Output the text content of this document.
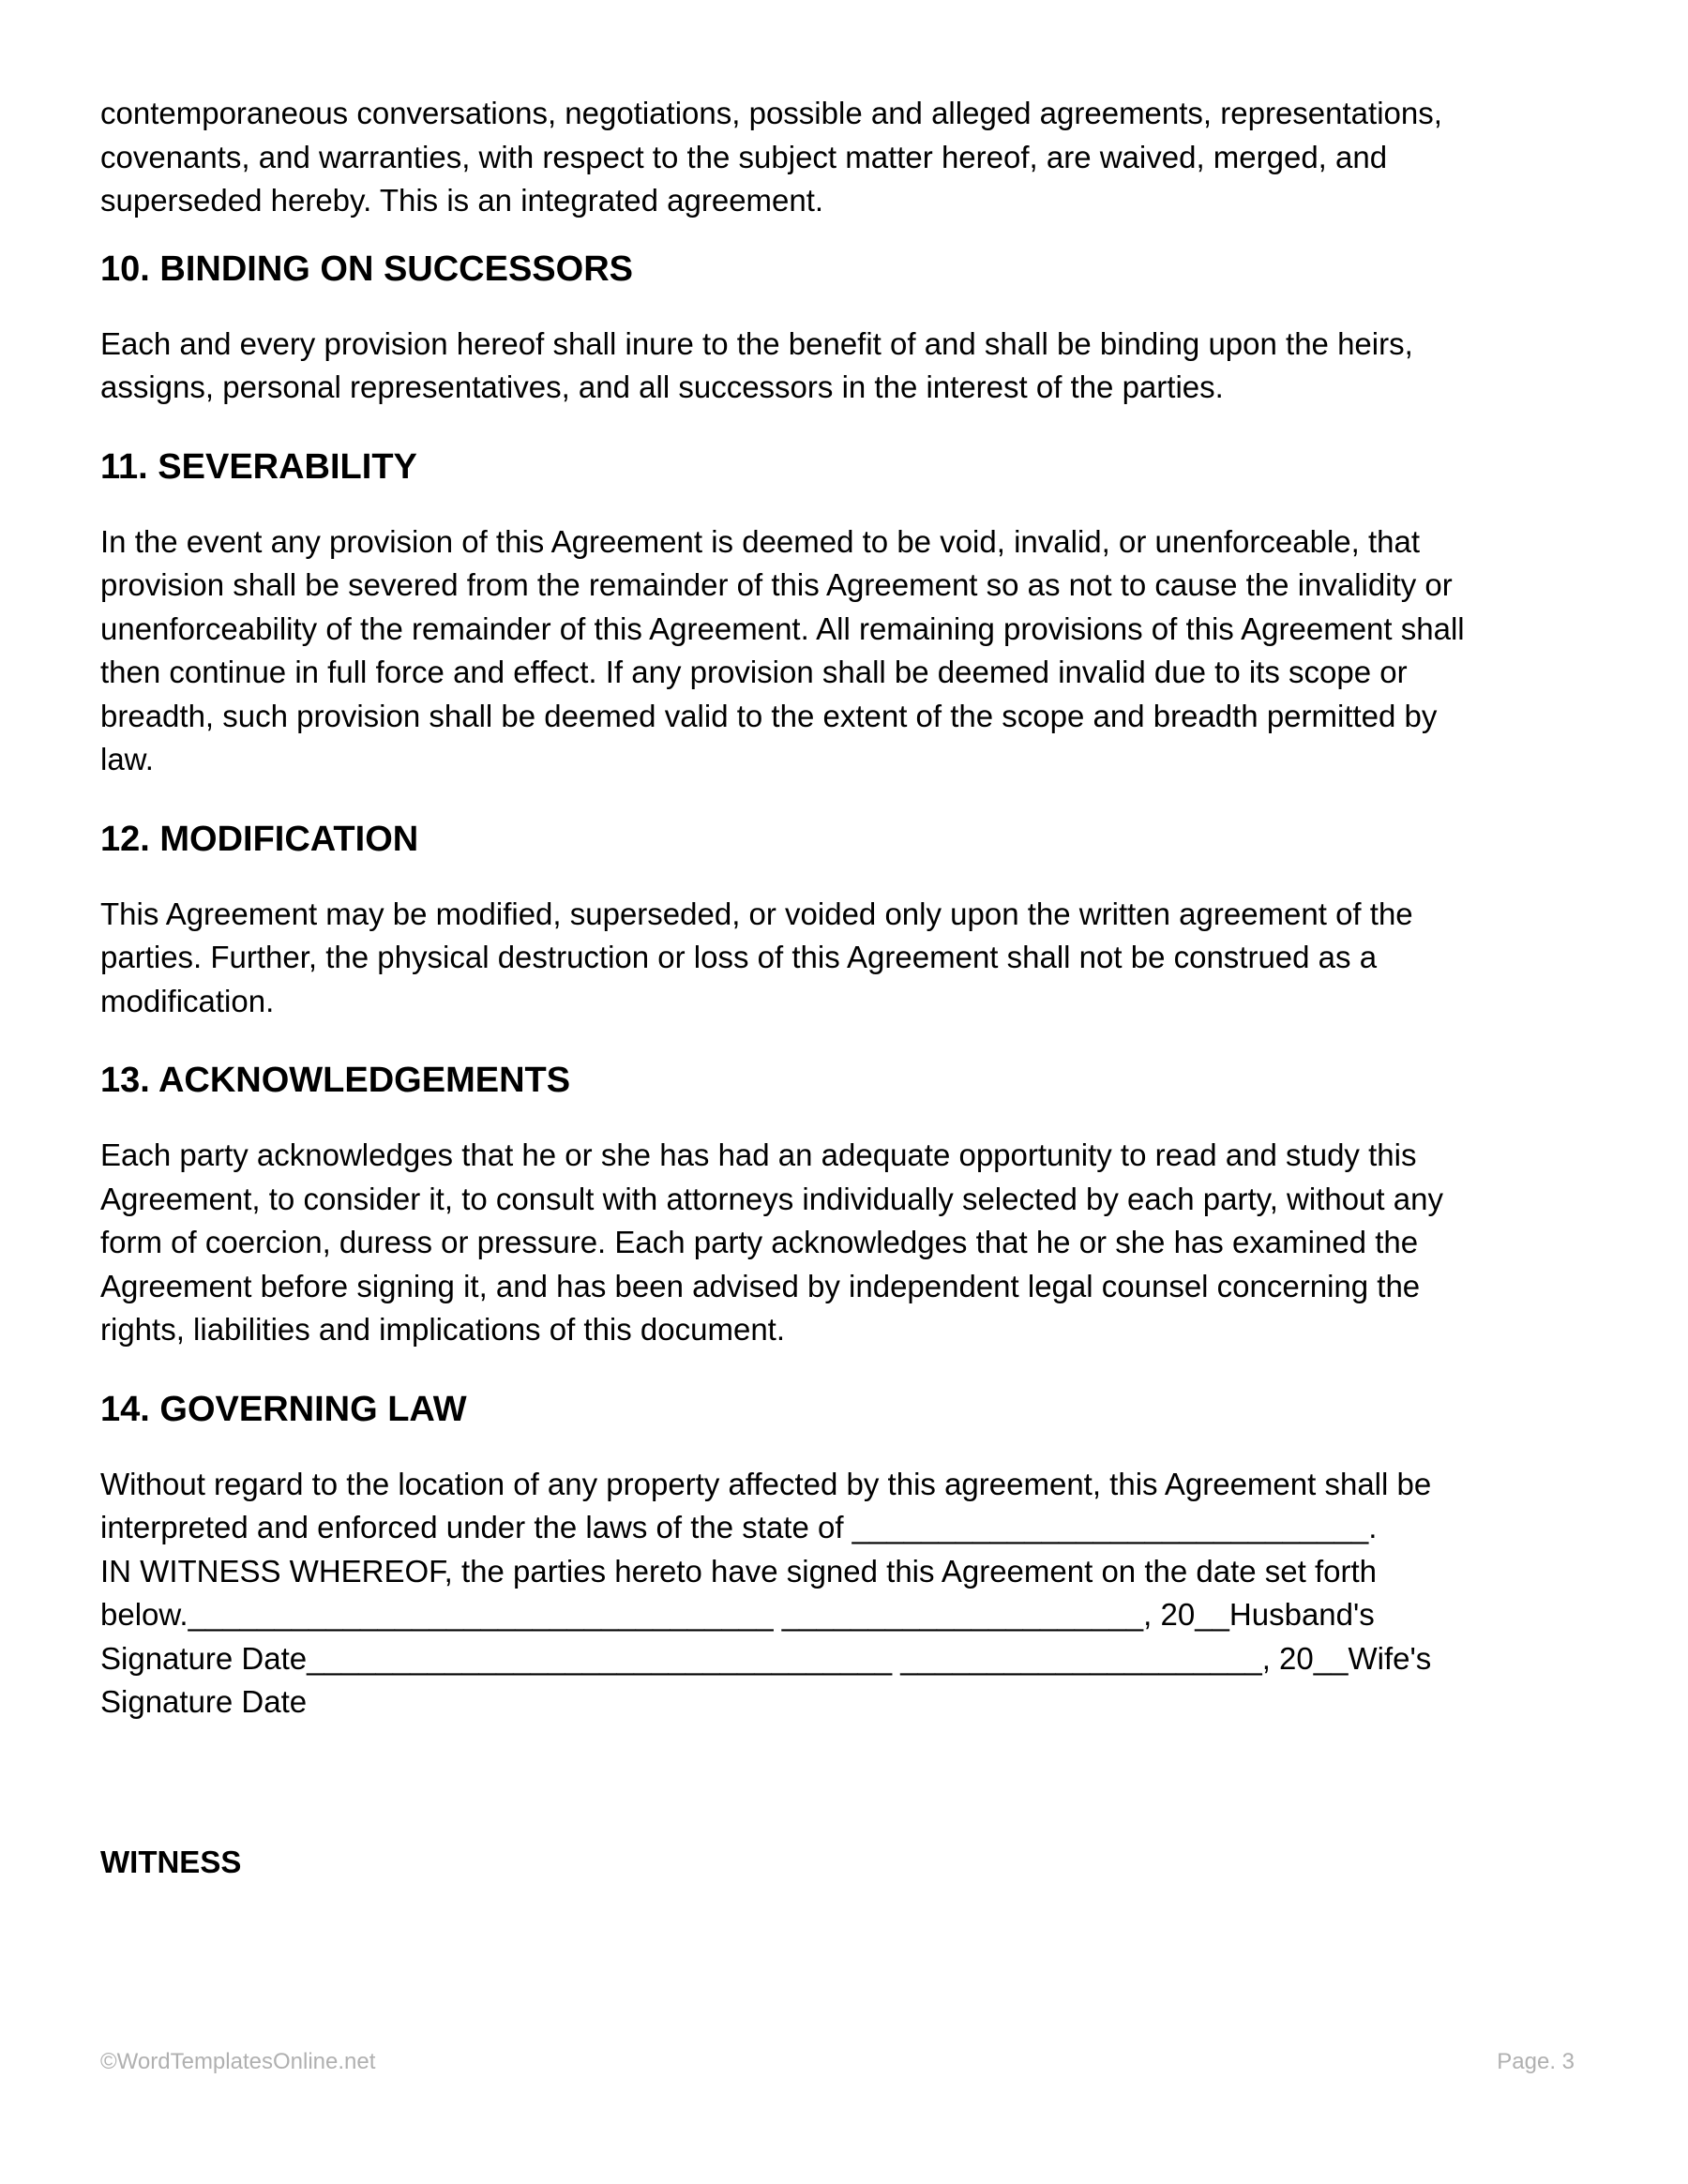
contemporaneous conversations, negotiations, possible and alleged agreements, representations,
covenants, and warranties, with respect to the subject matter hereof, are waived, merged, and
superseded hereby. This is an integrated agreement.

10. BINDING ON SUCCESSORS

Each and every provision hereof shall inure to the benefit of and shall be binding upon the heirs,
assigns, personal representatives, and all successors in the interest of the parties.

11. SEVERABILITY

In the event any provision of this Agreement is deemed to be void, invalid, or unenforceable, that
provision shall be severed from the remainder of this Agreement so as not to cause the invalidity or
unenforceability of the remainder of this Agreement. All remaining provisions of this Agreement shall
then continue in full force and effect. If any provision shall be deemed invalid due to its scope or
breadth, such provision shall be deemed valid to the extent of the scope and breadth permitted by
law.

12. MODIFICATION

This Agreement may be modified, superseded, or voided only upon the written agreement of the
parties. Further, the physical destruction or loss of this Agreement shall not be construed as a
modification.

13. ACKNOWLEDGEMENTS

Each party acknowledges that he or she has had an adequate opportunity to read and study this
Agreement, to consider it, to consult with attorneys individually selected by each party, without any
form of coercion, duress or pressure. Each party acknowledges that he or she has examined the
Agreement before signing it, and has been advised by independent legal counsel concerning the
rights, liabilities and implications of this document.

14. GOVERNING LAW

Without regard to the location of any property affected by this agreement, this Agreement shall be
interpreted and enforced under the laws of the state of ______________________________.
IN WITNESS WHEREOF, the parties hereto have signed this Agreement on the date set forth
below.__________________________________ _____________________, 20__Husband's
Signature Date__________________________________ _____________________, 20__Wife's
Signature Date

WITNESS
©WordTemplatesOnline.net	Page. 3
